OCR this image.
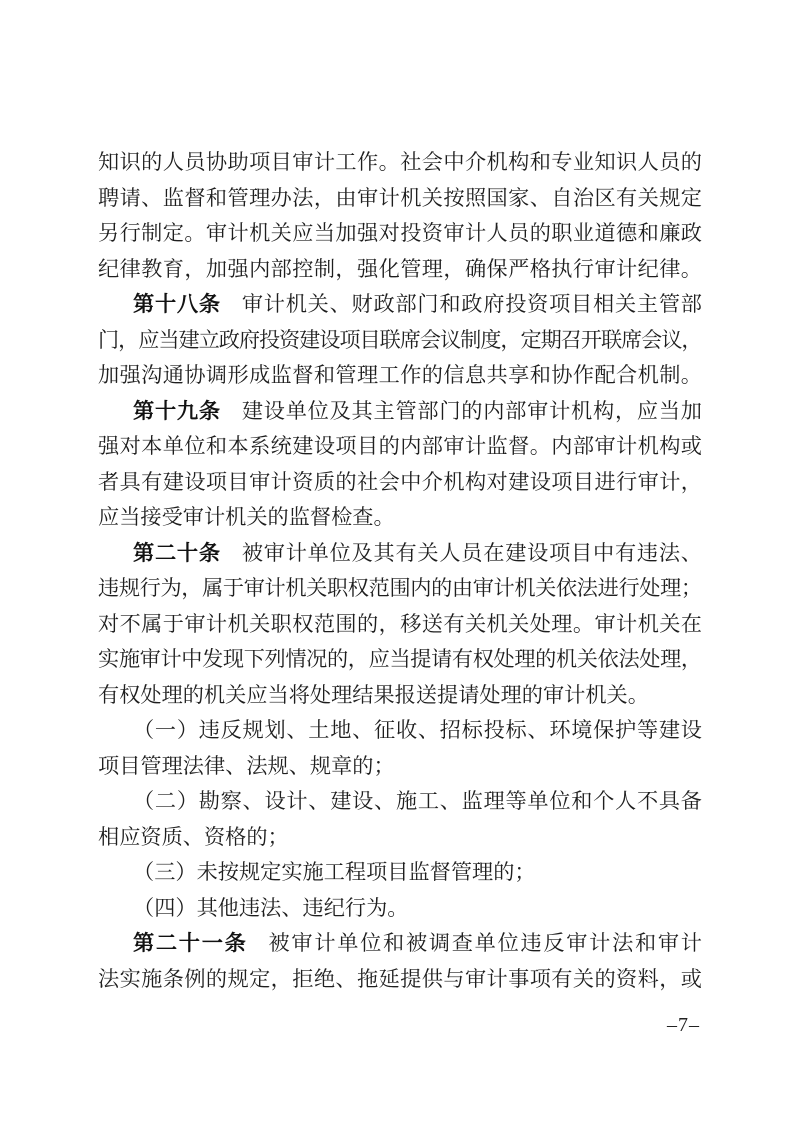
知识的人员协助项目审计工作。社会中介机构和专业知识人员的
聘请、监督和管理办法，由审计机关按照国家、自治区有关规定
另行制定。审计机关应当加强对投资审计人员的职业道德和廉政
纪律教育，加强内部控制，强化管理，确保严格执行审计纪律。
第十八条 审计机关、财政部门和政府投资项目相关主管部
门，应当建立政府投资建设项目联席会议制度，定期召开联席会议，
加强沟通协调形成监督和管理工作的信息共享和协作配合机制。
第十九条 建设单位及其主管部门的内部审计机构，应当加
强对本单位和本系统建设项目的内部审计监督。内部审计机构或
者具有建设项目审计资质的社会中介机构对建设项目进行审计，
应当接受审计机关的监督检查。
第二十条 被审计单位及其有关人员在建设项目中有违法、
违规行为，属于审计机关职权范围内的由审计机关依法进行处理；
对不属于审计机关职权范围的，移送有关机关处理。审计机关在
实施审计中发现下列情况的，应当提请有权处理的机关依法处理，
有权处理的机关应当将处理结果报送提请处理的审计机关。
（一）违反规划、土地、征收、招标投标、环境保护等建设
项目管理法律、法规、规章的；
（二）勘察、设计、建设、施工、监理等单位和个人不具备
相应资质、资格的；
（三）未按规定实施工程项目监督管理的；
（四）其他违法、违纪行为。
第二十一条 被审计单位和被调查单位违反审计法和审计
法实施条例的规定，拒绝、拖延提供与审计事项有关的资料，或
–7–
